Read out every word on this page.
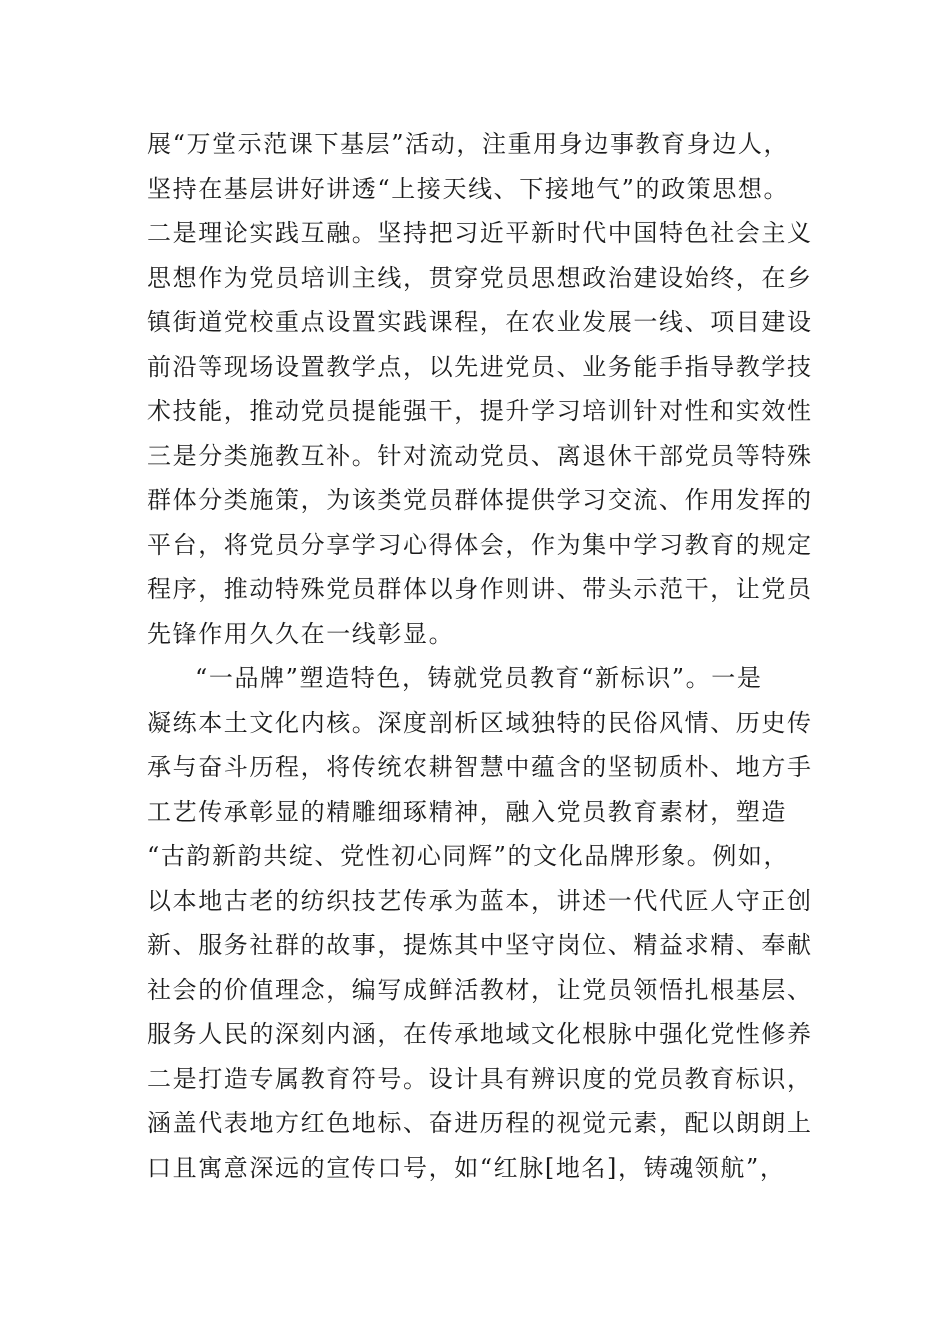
展“万堂示范课下基层”活动，注重用身边事教育身边人，
坚持在基层讲好讲透“上接天线、下接地气”的政策思想。
二是理论实践互融。坚持把习近平新时代中国特色社会主义
思想作为党员培训主线，贯穿党员思想政治建设始终，在乡
镇街道党校重点设置实践课程，在农业发展一线、项目建设
前沿等现场设置教学点，以先进党员、业务能手指导教学技
术技能，推动党员提能强干，提升学习培训针对性和实效性
三是分类施教互补。针对流动党员、离退休干部党员等特殊
群体分类施策，为该类党员群体提供学习交流、作用发挥的
平台，将党员分享学习心得体会，作为集中学习教育的规定
程序，推动特殊党员群体以身作则讲、带头示范干，让党员
先锋作用久久在一线彰显。
“一品牌”塑造特色，铸就党员教育“新标识”。一是
凝练本土文化内核。深度剖析区域独特的民俗风情、历史传
承与奋斗历程，将传统农耕智慧中蕴含的坚韧质朴、地方手
工艺传承彰显的精雕细琢精神，融入党员教育素材，塑造
“古韵新韵共绽、党性初心同辉”的文化品牌形象。例如，
以本地古老的纺织技艺传承为蓝本，讲述一代代匠人守正创
新、服务社群的故事，提炼其中坚守岗位、精益求精、奉献
社会的价值理念，编写成鲜活教材，让党员领悟扎根基层、
服务人民的深刻内涵，在传承地域文化根脉中强化党性修养
二是打造专属教育符号。设计具有辨识度的党员教育标识，
涵盖代表地方红色地标、奋进历程的视觉元素，配以朗朗上
口且寓意深远的宣传口号，如“红脉[地名]，铸魂领航”，
